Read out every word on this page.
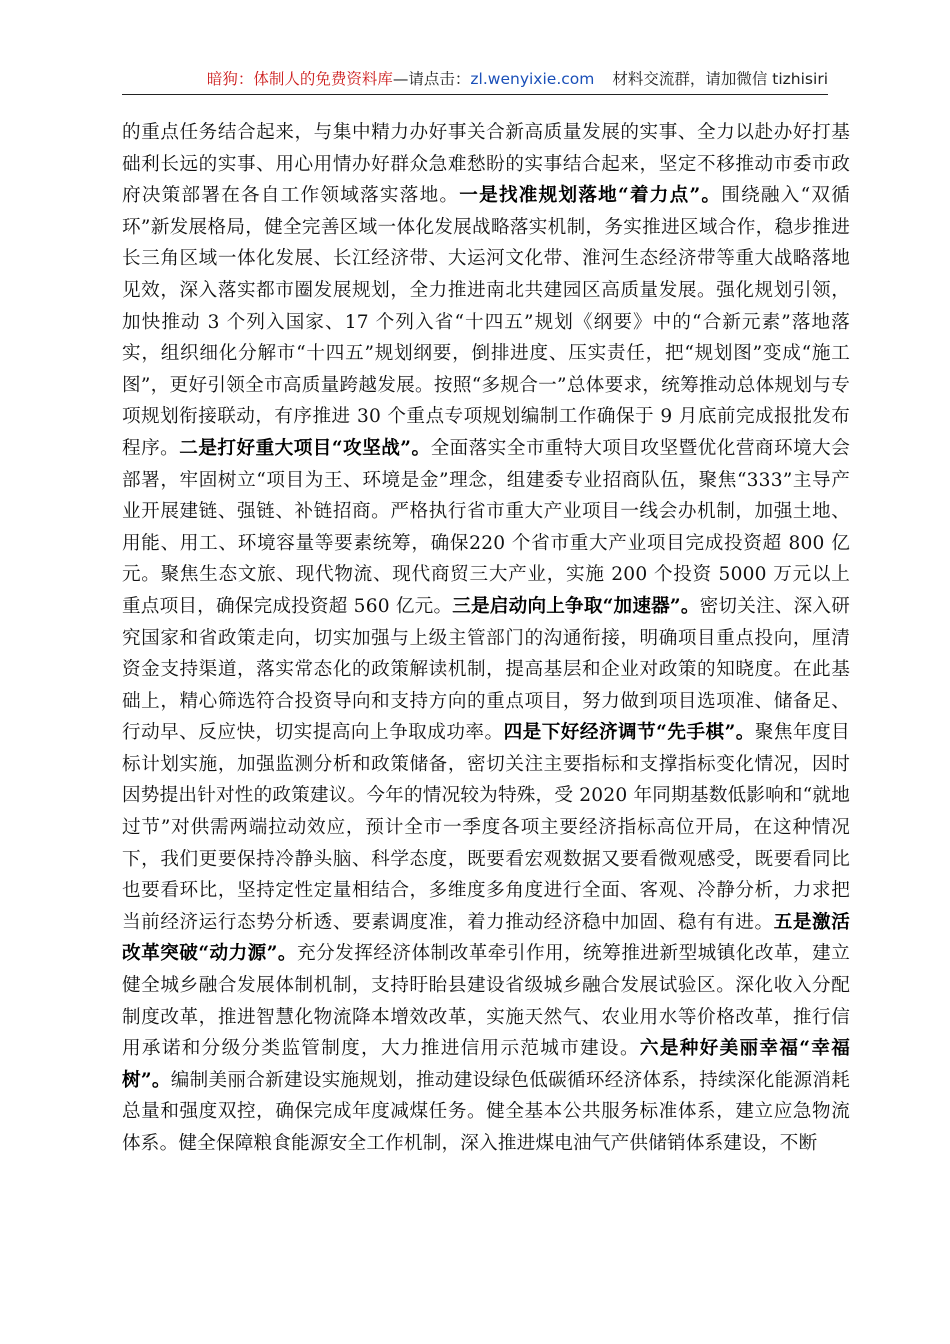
暗狗：体制人的免费资料库—请点击：zl.wenyixie.com 材料交流群，请加微信 tizhisiri
的重点任务结合起来，与集中精力办好事关合新高质量发展的实事、全力以赴办好打基础利长远的实事、用心用情办好群众急难愁盼的实事结合起来，坚定不移推动市委市政府决策部署在各自工作领域落实落地。一是找准规划落地“着力点”。围绕融入“双循环”新发展格局，健全完善区域一体化发展战略落实机制，务实推进区域合作，稳步推进长三角区域一体化发展、长江经济带、大运河文化带、淮河生态经济带等重大战略落地见效，深入落实都市圈发展规划，全力推进南北共建园区高质量发展。强化规划引领，加快推动 3 个列入国家、17 个列入省“十四五”规划《纲要》中的“合新元素”落地落实，组织细化分解市“十四五”规划纲要，倒排进度、压实责任，把“规划图”变成“施工图”，更好引领全市高质量跨越发展。按照“多规合一”总体要求，统筹推动总体规划与专项规划衔接联动，有序推进 30 个重点专项规划编制工作确保于 9 月底前完成报批发布程序。二是打好重大项目“攻坚战”。全面落实全市重特大项目攻坚暨优化营商环境大会部署，牢固树立“项目为王、环境是金”理念，组建委专业招商队伍，聚焦“333”主导产业开展建链、强链、补链招商。严格执行省市重大产业项目一线会办机制，加强土地、用能、用工、环境容量等要素统筹，确保220 个省市重大产业项目完成投资超 800 亿元。聚焦生态文旅、现代物流、现代商贸三大产业，实施 200 个投资 5000 万元以上重点项目，确保完成投资超 560 亿元。三是启动向上争取“加速器”。密切关注、深入研究国家和省政策走向，切实加强与上级主管部门的沟通衔接，明确项目重点投向，厘清资金支持渠道，落实常态化的政策解读机制，提高基层和企业对政策的知晓度。在此基础上，精心筛选符合投资导向和支持方向的重点项目，努力做到项目选项准、储备足、行动早、反应快，切实提高向上争取成功率。四是下好经济调节“先手棋”。聚焦年度目标计划实施，加强监测分析和政策储备，密切关注主要指标和支撑指标变化情况，因时因势提出针对性的政策建议。今年的情况较为特殊，受 2020 年同期基数低影响和“就地过节”对供需两端拉动效应，预计全市一季度各项主要经济指标高位开局，在这种情况下，我们更要保持冷静头脑、科学态度，既要看宏观数据又要看微观感受，既要看同比也要看环比，坚持定性定量相结合，多维度多角度进行全面、客观、冷静分析，力求把当前经济运行态势分析透、要素调度准，着力推动经济稳中加固、稳有有进。五是激活改革突破“动力源”。充分发挥经济体制改革牵引作用，统筹推进新型城镇化改革，建立健全城乡融合发展体制机制，支持盱眙县建设省级城乡融合发展试验区。深化收入分配制度改革，推进智慧化物流降本增效改革，实施天然气、农业用水等价格改革，推行信用承诺和分级分类监管制度，大力推进信用示范城市建设。六是种好美丽幸福“幸福树”。编制美丽合新建设实施规划，推动建设绿色低碳循环经济体系，持续深化能源消耗总量和强度双控，确保完成年度减煤任务。健全基本公共服务标准体系，建立应急物流体系。健全保障粮食能源安全工作机制，深入推进煤电油气产供储销体系建设，不断
